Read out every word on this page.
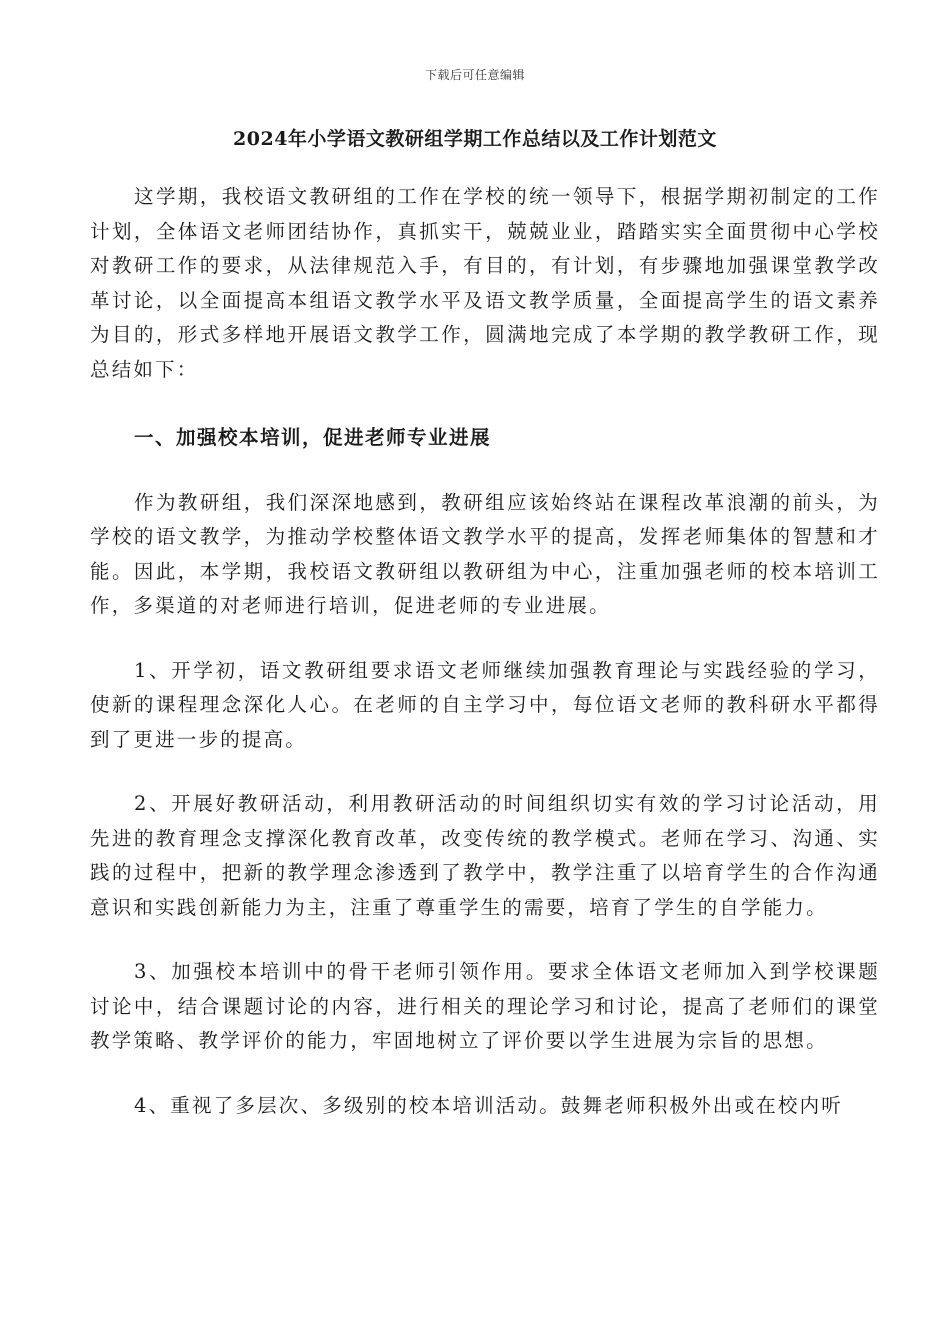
下载后可任意编辑
2024年小学语文教研组学期工作总结以及工作计划范文

这学期，我校语文教研组的工作在学校的统一领导下，根据学期初制定的工作计划，全体语文老师团结协作，真抓实干，兢兢业业，踏踏实实全面贯彻中心学校对教研工作的要求，从法律规范入手，有目的，有计划，有步骤地加强课堂教学改革讨论，以全面提高本组语文教学水平及语文教学质量，全面提高学生的语文素养为目的，形式多样地开展语文教学工作，圆满地完成了本学期的教学教研工作，现总结如下：

一、加强校本培训，促进老师专业进展

作为教研组，我们深深地感到，教研组应该始终站在课程改革浪潮的前头，为学校的语文教学，为推动学校整体语文教学水平的提高，发挥老师集体的智慧和才能。因此，本学期，我校语文教研组以教研组为中心，注重加强老师的校本培训工作，多渠道的对老师进行培训，促进老师的专业进展。

1、开学初，语文教研组要求语文老师继续加强教育理论与实践经验的学习，使新的课程理念深化人心。在老师的自主学习中，每位语文老师的教科研水平都得到了更进一步的提高。

2、开展好教研活动，利用教研活动的时间组织切实有效的学习讨论活动，用先进的教育理念支撑深化教育改革，改变传统的教学模式。老师在学习、沟通、实践的过程中，把新的教学理念渗透到了教学中，教学注重了以培育学生的合作沟通意识和实践创新能力为主，注重了尊重学生的需要，培育了学生的自学能力。

3、加强校本培训中的骨干老师引领作用。要求全体语文老师加入到学校课题讨论中，结合课题讨论的内容，进行相关的理论学习和讨论，提高了老师们的课堂教学策略、教学评价的能力，牢固地树立了评价要以学生进展为宗旨的思想。

4、重视了多层次、多级别的校本培训活动。鼓舞老师积极外出或在校内听
